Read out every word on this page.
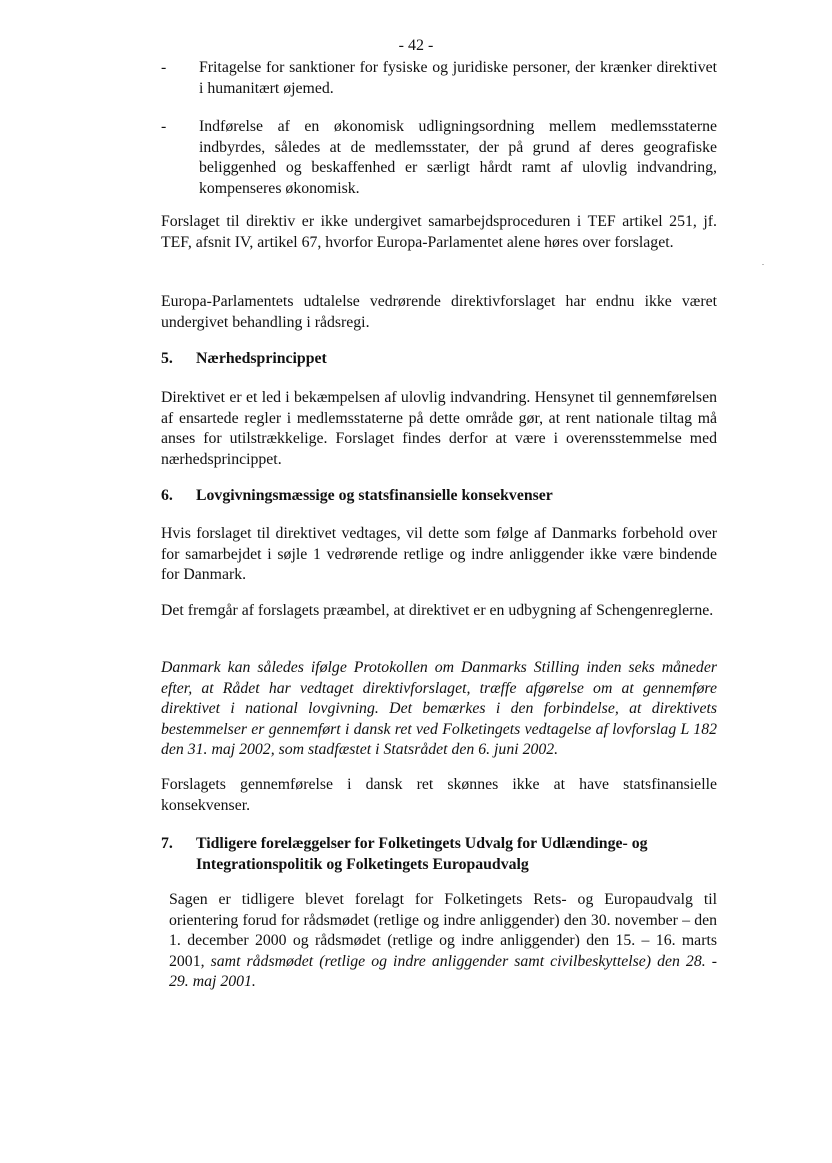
- 42 -
-	Fritagelse for sanktioner for fysiske og juridiske personer, der krænker direktivet i humanitært øjemed.
-	Indførelse af en økonomisk udligningsordning mellem medlemsstaterne indbyrdes, således at de medlemsstater, der på grund af deres geografiske beliggenhed og beskaffenhed er særligt hårdt ramt af ulovlig indvandring, kompenseres økonomisk.
Forslaget til direktiv er ikke undergivet samarbejdsproceduren i TEF artikel 251, jf. TEF, afsnit IV, artikel 67, hvorfor Europa-Parlamentet alene høres over forslaget.
Europa-Parlamentets udtalelse vedrørende direktivforslaget har endnu ikke været undergivet behandling i rådsregi.
5. Nærhedsprincippet
Direktivet er et led i bekæmpelsen af ulovlig indvandring. Hensynet til gennemførelsen af ensartede regler i medlemsstaterne på dette område gør, at rent nationale tiltag må anses for utilstrækkelige. Forslaget findes derfor at være i overensstemmelse med nærhedsprincippet.
6. Lovgivningsmæssige og statsfinansielle konsekvenser
Hvis forslaget til direktivet vedtages, vil dette som følge af Danmarks forbehold over for samarbejdet i søjle 1 vedrørende retlige og indre anliggender ikke være bindende for Danmark.
Det fremgår af forslagets præambel, at direktivet er en udbygning af Schengenreglerne.
Danmark kan således ifølge Protokollen om Danmarks Stilling inden seks måneder efter, at Rådet har vedtaget direktivforslaget, træffe afgørelse om at gennemføre direktivet i national lovgivning. Det bemærkes i den forbindelse, at direktivets bestemmelser er gennemført i dansk ret ved Folketingets vedtagelse af lovforslag L 182 den 31. maj 2002, som stadfæstet i Statsrådet den 6. juni 2002.
Forslagets gennemførelse i dansk ret skønnes ikke at have statsfinansielle konsekvenser.
7. Tidligere forelæggelser for Folketingets Udvalg for Udlændinge- og Integrationspolitik og Folketingets Europaudvalg
Sagen er tidligere blevet forelagt for Folketingets Rets- og Europaudvalg til orientering forud for rådsmødet (retlige og indre anliggender) den 30. november – den 1. december 2000 og rådsmødet (retlige og indre anliggender) den 15. – 16. marts 2001, samt rådsmødet (retlige og indre anliggender samt civilbeskyttelse) den 28. - 29. maj 2001.
